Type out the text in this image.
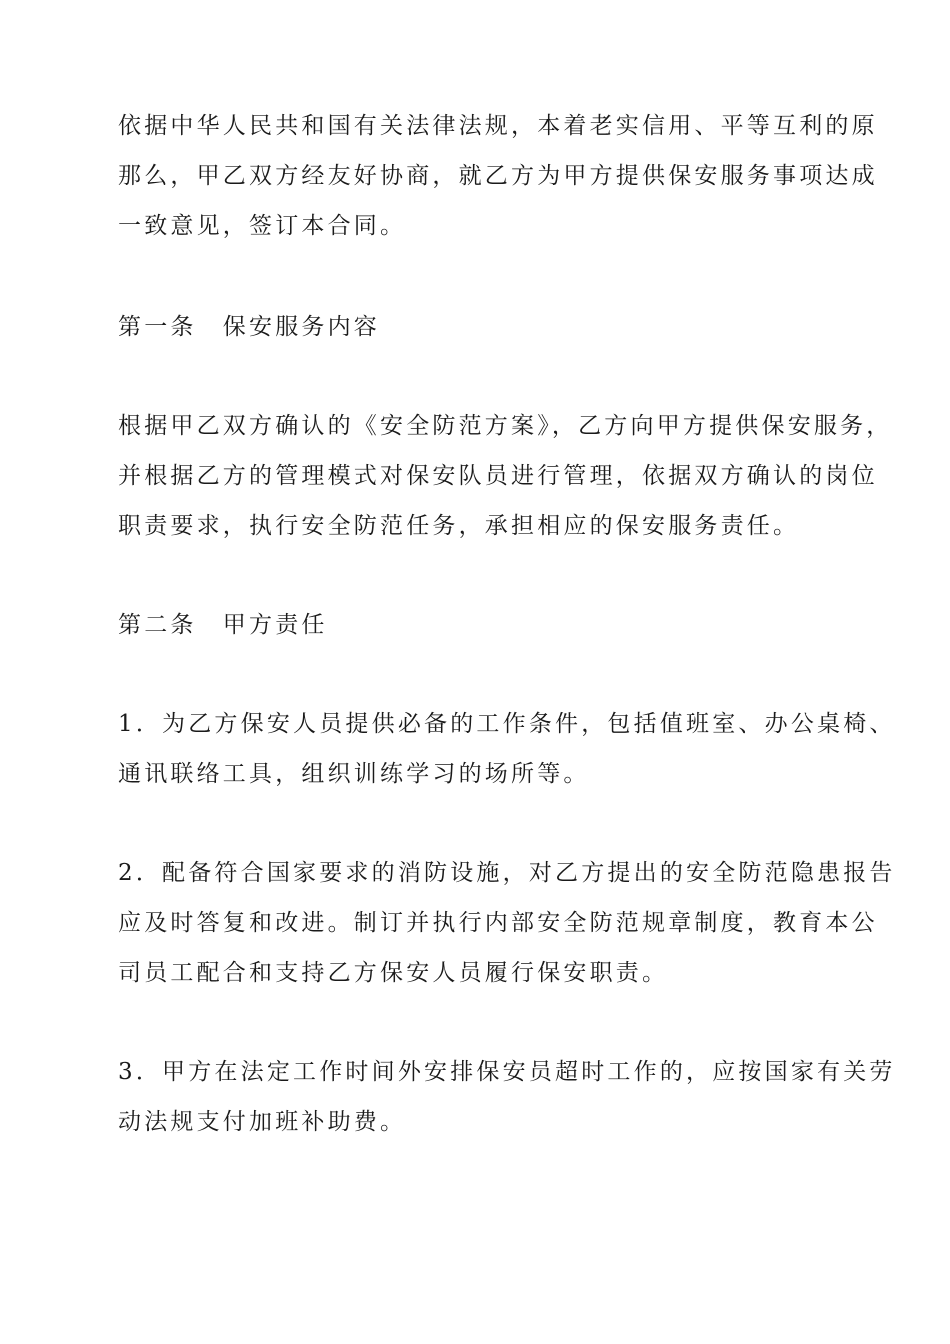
依据中华人民共和国有关法律法规，本着老实信用、平等互利的原
那么，甲乙双方经友好协商，就乙方为甲方提供保安服务事项达成
一致意见，签订本合同。
第一条　保安服务内容
根据甲乙双方确认的《安全防范方案》，乙方向甲方提供保安服务，
并根据乙方的管理模式对保安队员进行管理，依据双方确认的岗位
职责要求，执行安全防范任务，承担相应的保安服务责任。
第二条　甲方责任
1．为乙方保安人员提供必备的工作条件，包括值班室、办公桌椅、
通讯联络工具，组织训练学习的场所等。
2．配备符合国家要求的消防设施，对乙方提出的安全防范隐患报告
应及时答复和改进。制订并执行内部安全防范规章制度，教育本公
司员工配合和支持乙方保安人员履行保安职责。
3．甲方在法定工作时间外安排保安员超时工作的，应按国家有关劳
动法规支付加班补助费。
